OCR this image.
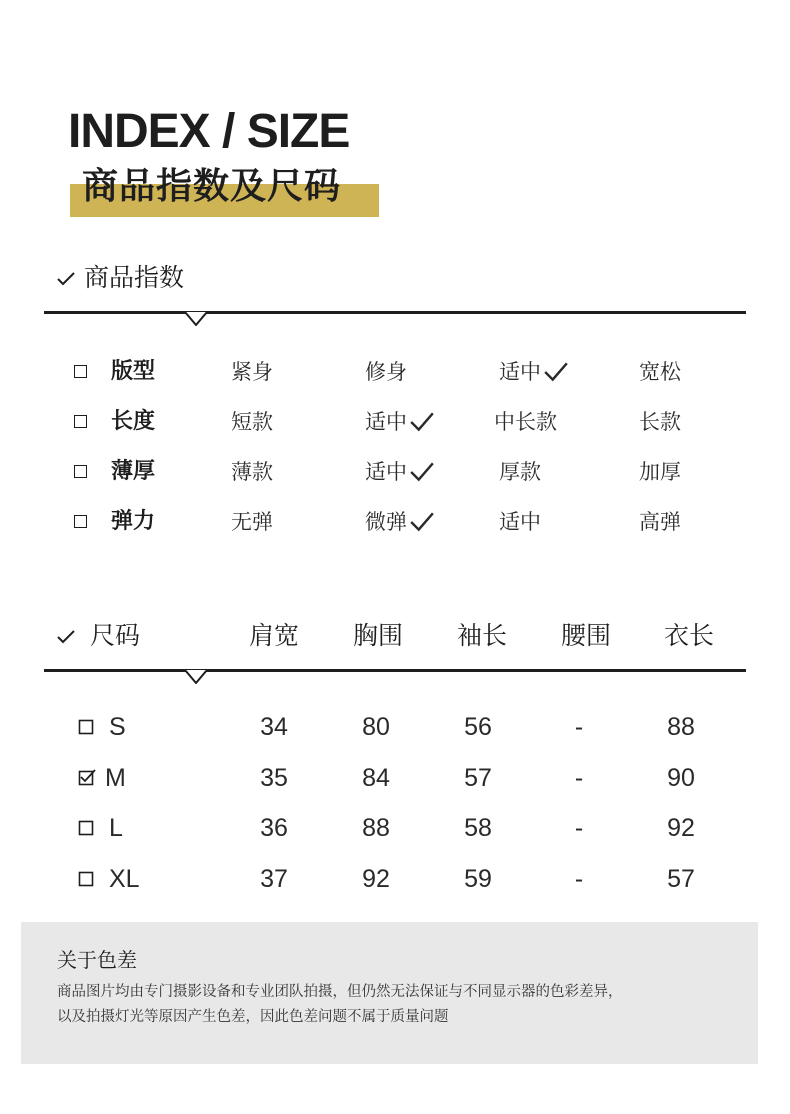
INDEX / SIZE
商品指数及尺码
商品指数
版型	紧身	修身	适中	宽松
长度	短款	适中	中长款	长款
薄厚	薄款	适中	厚款	加厚
弹力	无弹	微弹	适中	高弹
尺码	肩宽 胸围 袖长 腰围 衣长
S	34	80	56	-	88
M	35	84	57	-	90
L	36	88	58	-	92
XL	37	92	59	-	57
关于色差
商品图片均由专门摄影设备和专业团队拍摄，但仍然无法保证与不同显示器的色彩差异，
以及拍摄灯光等原因产生色差，因此色差问题不属于质量问题
